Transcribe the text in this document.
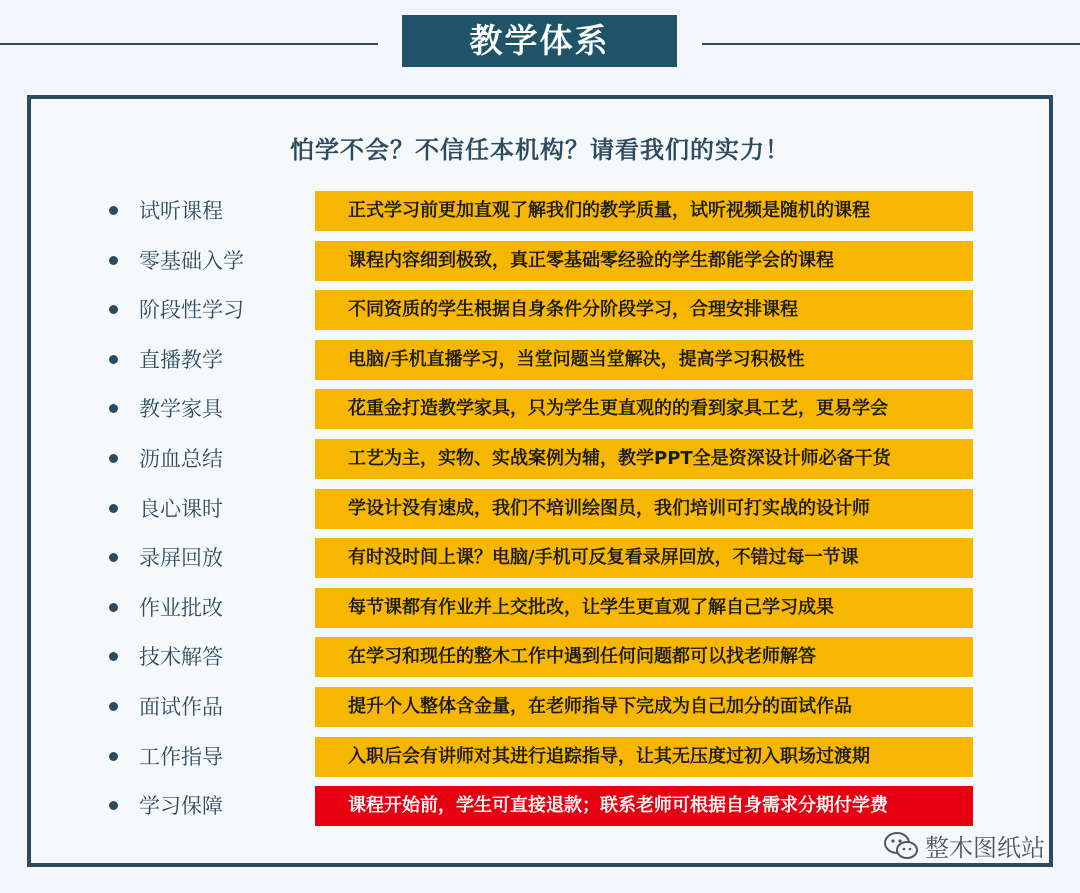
教学体系
怕学不会？不信任本机构？请看我们的实力！
试听课程	正式学习前更加直观了解我们的教学质量，试听视频是随机的课程
零基础入学	课程内容细到极致，真正零基础零经验的学生都能学会的课程
阶段性学习	不同资质的学生根据自身条件分阶段学习，合理安排课程
直播教学	电脑/手机直播学习，当堂问题当堂解决，提高学习积极性
教学家具	花重金打造教学家具，只为学生更直观的的看到家具工艺，更易学会
沥血总结	工艺为主，实物、实战案例为辅，教学PPT全是资深设计师必备干货
良心课时	学设计没有速成，我们不培训绘图员，我们培训可打实战的设计师
录屏回放	有时没时间上课？电脑/手机可反复看录屏回放，不错过每一节课
作业批改	每节课都有作业并上交批改，让学生更直观了解自己学习成果
技术解答	在学习和现任的整木工作中遇到任何问题都可以找老师解答
面试作品	提升个人整体含金量，在老师指导下完成为自己加分的面试作品
工作指导	入职后会有讲师对其进行追踪指导，让其无压度过初入职场过渡期
学习保障	课程开始前，学生可直接退款；联系老师可根据自身需求分期付学费
整木图纸站
